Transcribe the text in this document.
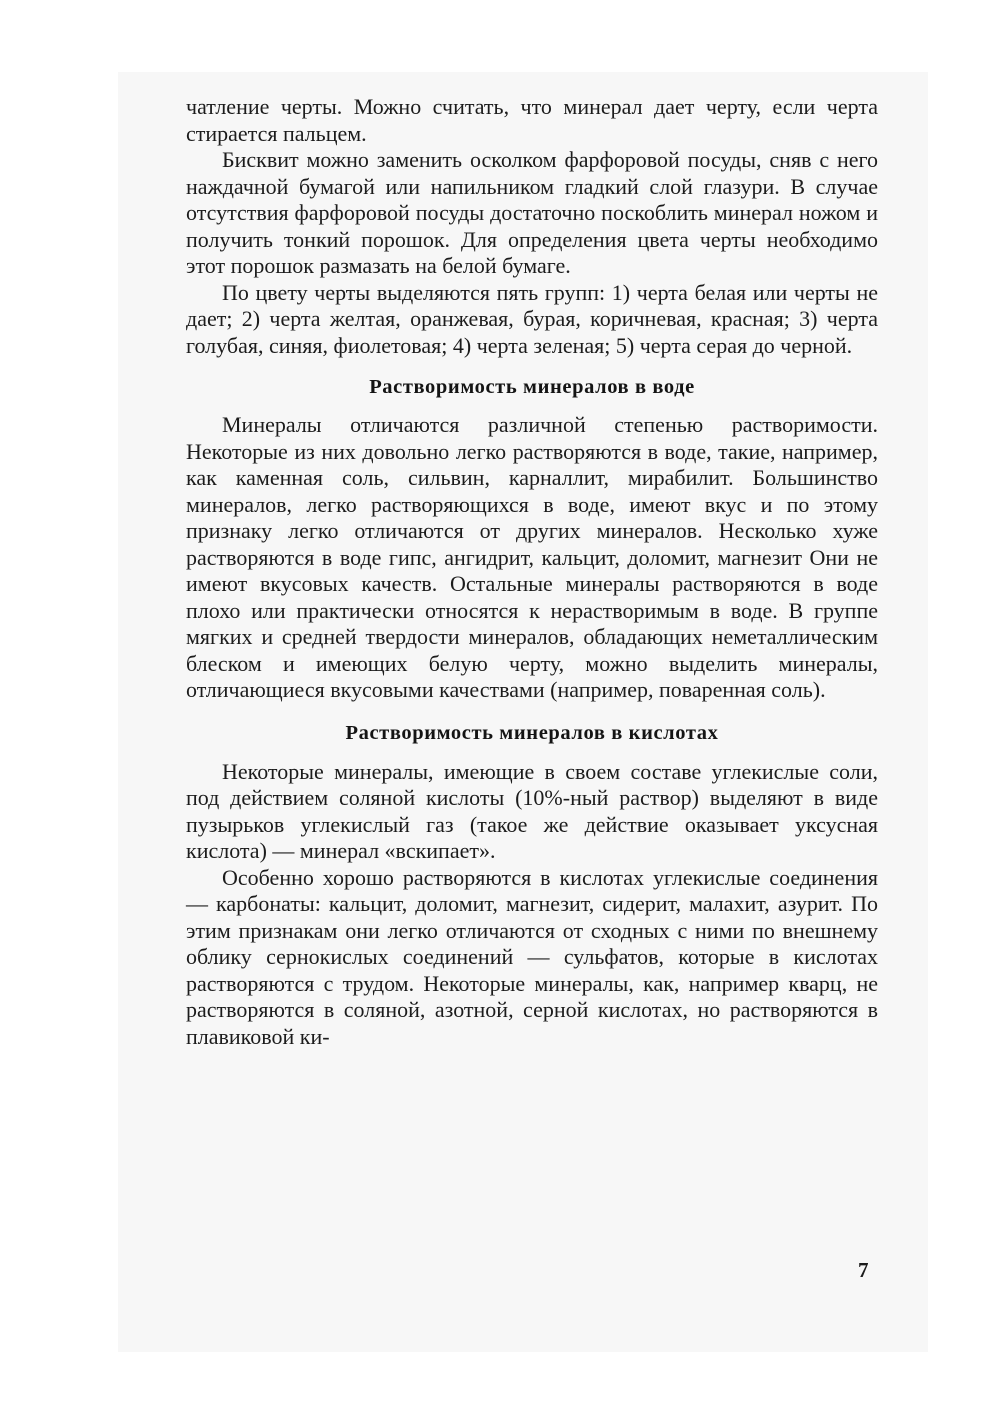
чатление черты. Можно считать, что минерал дает черту, если черта стирается пальцем.

Бисквит можно заменить осколком фарфоровой посуды, сняв с него наждачной бумагой или напильником гладкий слой глазури. В случае отсутствия фарфоровой посуды достаточно поскоблить минерал ножом и получить тонкий порошок. Для определения цвета черты необходимо этот порошок размазать на белой бумаге.

По цвету черты выделяются пять групп: 1) черта белая или черты не дает; 2) черта желтая, оранжевая, бурая, коричневая, красная; 3) черта голубая, синяя, фиолетовая; 4) черта зеленая; 5) черта серая до черной.

Растворимость минералов в воде

Минералы отличаются различной степенью растворимости. Некоторые из них довольно легко растворяются в воде, такие, например, как каменная соль, сильвин, карналлит, мирабилит. Большинство минералов, легко растворяющихся в воде, имеют вкус и по этому признаку легко отличаются от других минералов. Несколько хуже растворяются в воде гипс, ангидрит, кальцит, доломит, магнезит Они не имеют вкусовых качеств. Остальные минералы растворяются в воде плохо или практически относятся к нерастворимым в воде. В группе мягких и средней твердости минералов, обладающих неметаллическим блеском и имеющих белую черту, можно выделить минералы, отличающиеся вкусовыми качествами (например, поваренная соль).

Растворимость минералов в кислотах

Некоторые минералы, имеющие в своем составе углекислые соли, под действием соляной кислоты (10%-ный раствор) выделяют в виде пузырьков углекислый газ (такое же действие оказывает уксусная кислота) — минерал «вскипает».

Особенно хорошо растворяются в кислотах углекислые соединения — карбонаты: кальцит, доломит, магнезит, сидерит, малахит, азурит. По этим признакам они легко отличаются от сходных с ними по внешнему облику сернокислых соединений — сульфатов, которые в кислотах растворяются с трудом. Некоторые минералы, как, например кварц, не растворяются в соляной, азотной, серной кислотах, но растворяются в плавиковой ки-

7
